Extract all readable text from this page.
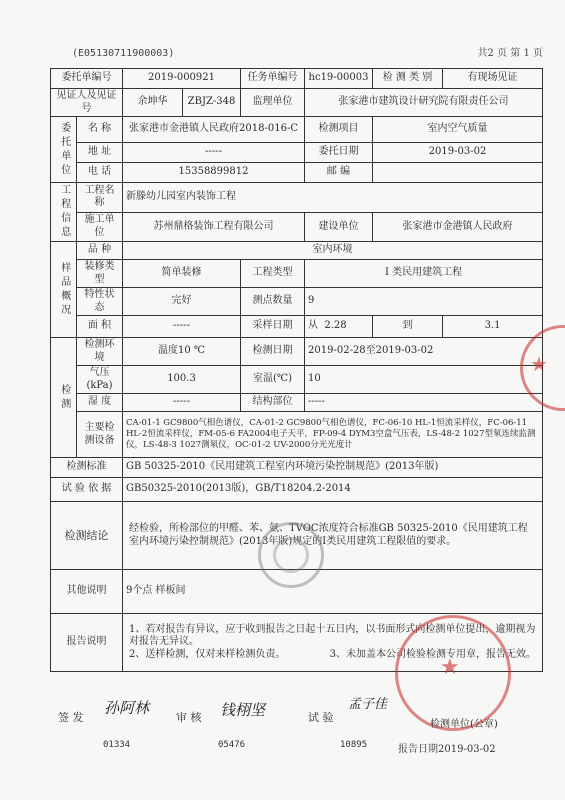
(E05130711900003)	共2 页 第 1 页
委托单编号		2019-000921		任务单编号	hc19-00003	检 测 类 别	有现场见证
见证人及见证号		余坤华	ZBJZ-348	监理单位	张家港市建筑设计研究院有限责任公司		
委托单位	名 称	张家港市金港镇人民政府2018-016-C			检测项目	室内空气质量	
	地 址	-----			委托日期	2019-03-02	
	电 话	15358899812			邮 编		
工程信息	工程名称	新滕幼儿园室内装饰工程					
	施工单位	苏州鼎格装饰工程有限公司			建设单位	张家港市金港镇人民政府	
样品概况	品 种	室内环境					
	装修类型	简单装修		工程类型	I 类民用建筑工程		
	特性状态	完好		测点数量	9		
	面 积	-----		采样日期	从 2.28	到	3.1
检测	检测环境	温度10 ℃		检测日期	2019-02-28至2019-03-02		
	气压(kPa)	100.3		室温(℃)	10		
	湿 度	-----		结构部位	-----		
	主要检测设备	CA-01-1 GC9800气相色谱仪，CA-01-2 GC9800气相色谱仪，FC-06-10 HL-1恒流采样仪，FC-06-11 HL-2恒流采样仪，FM-05-6 FA2004电子天平，FP-09-4 DYM3空盒气压表，LS-48-2 1027型氡连续监测仪，LS-48-3 1027测氡仪，OC-01-2 UV-2000分光光度计					
检测标准		GB 50325-2010《民用建筑工程室内环境污染控制规范》(2013年版)					
试 验 依 据		GB50325-2010(2013版)，GB/T18204.2-2014					
检测结论		经检验，所检部位的甲醛、苯、氨、TVOC浓度符合标准GB 50325-2010《民用建筑工程室内环境污染控制规范》(2013年版)规定的I类民用建筑工程限值的要求。					
其他说明		9个点 样板间					
报告说明		1、若对报告有异议，应于收到报告之日起十五日内，以书面形式向检测单位提出，逾期视为对报告无异议。
2、送样检测，仅对来样检测负责。 3、未加盖本公司检验检测专用章，报告无效。					
★
★
签 发
孙阿林
审 核 钱栩坚	试 验
孟子佳
检测单位(公章)
01334	05476	10895	报告日期2019-03-02
